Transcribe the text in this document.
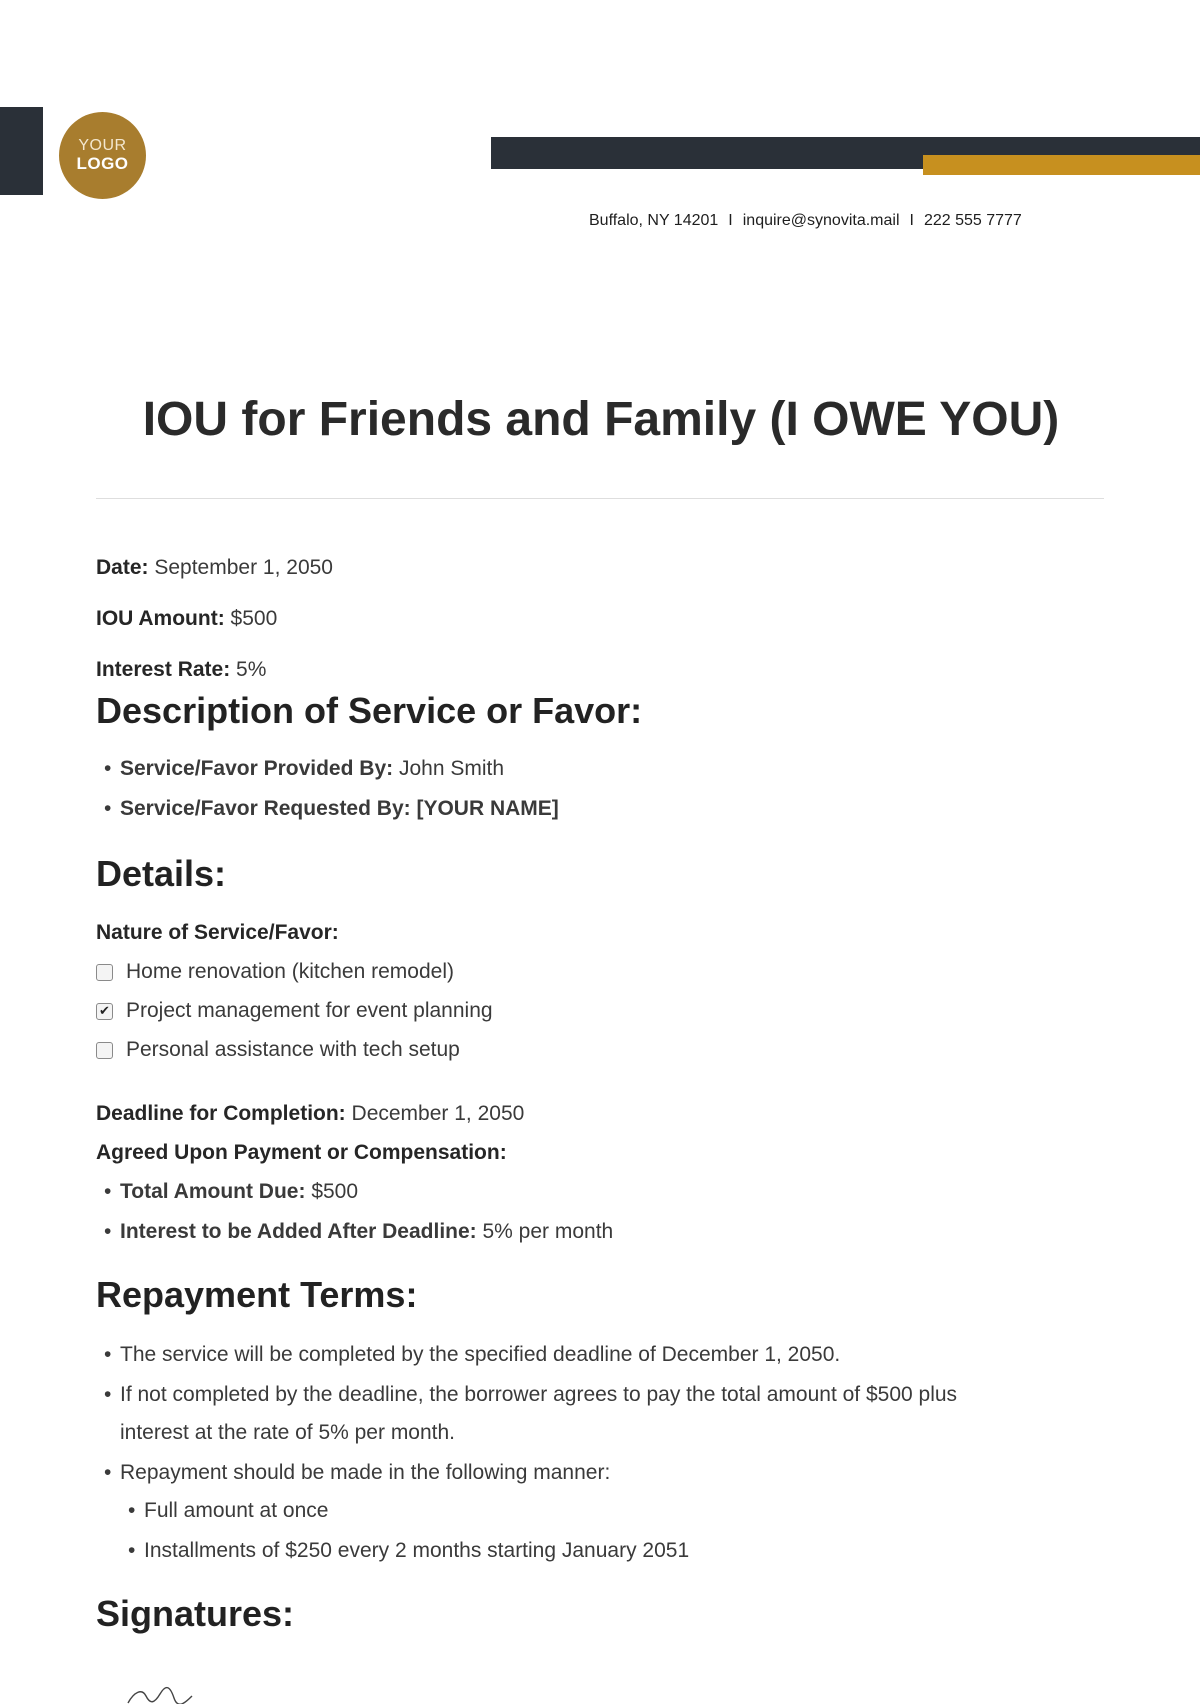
YOUR
LOGO
Buffalo, NY 14201 I inquire@synovita.mail I 222 555 7777
IOU for Friends and Family (I OWE YOU)
Date: September 1, 2050
IOU Amount: $500
Interest Rate: 5%
Description of Service or Favor:
• Service/Favor Provided By: John Smith
• Service/Favor Requested By: [YOUR NAME]
Details:
Nature of Service/Favor:
Home renovation (kitchen remodel)
✔ Project management for event planning
Personal assistance with tech setup
Deadline for Completion: December 1, 2050
Agreed Upon Payment or Compensation:
• Total Amount Due: $500
• Interest to be Added After Deadline: 5% per month
Repayment Terms:
• The service will be completed by the specified deadline of December 1, 2050.
• If not completed by the deadline, the borrower agrees to pay the total amount of $500 plus
interest at the rate of 5% per month.
• Repayment should be made in the following manner:
• Full amount at once
• Installments of $250 every 2 months starting January 2051
Signatures:
